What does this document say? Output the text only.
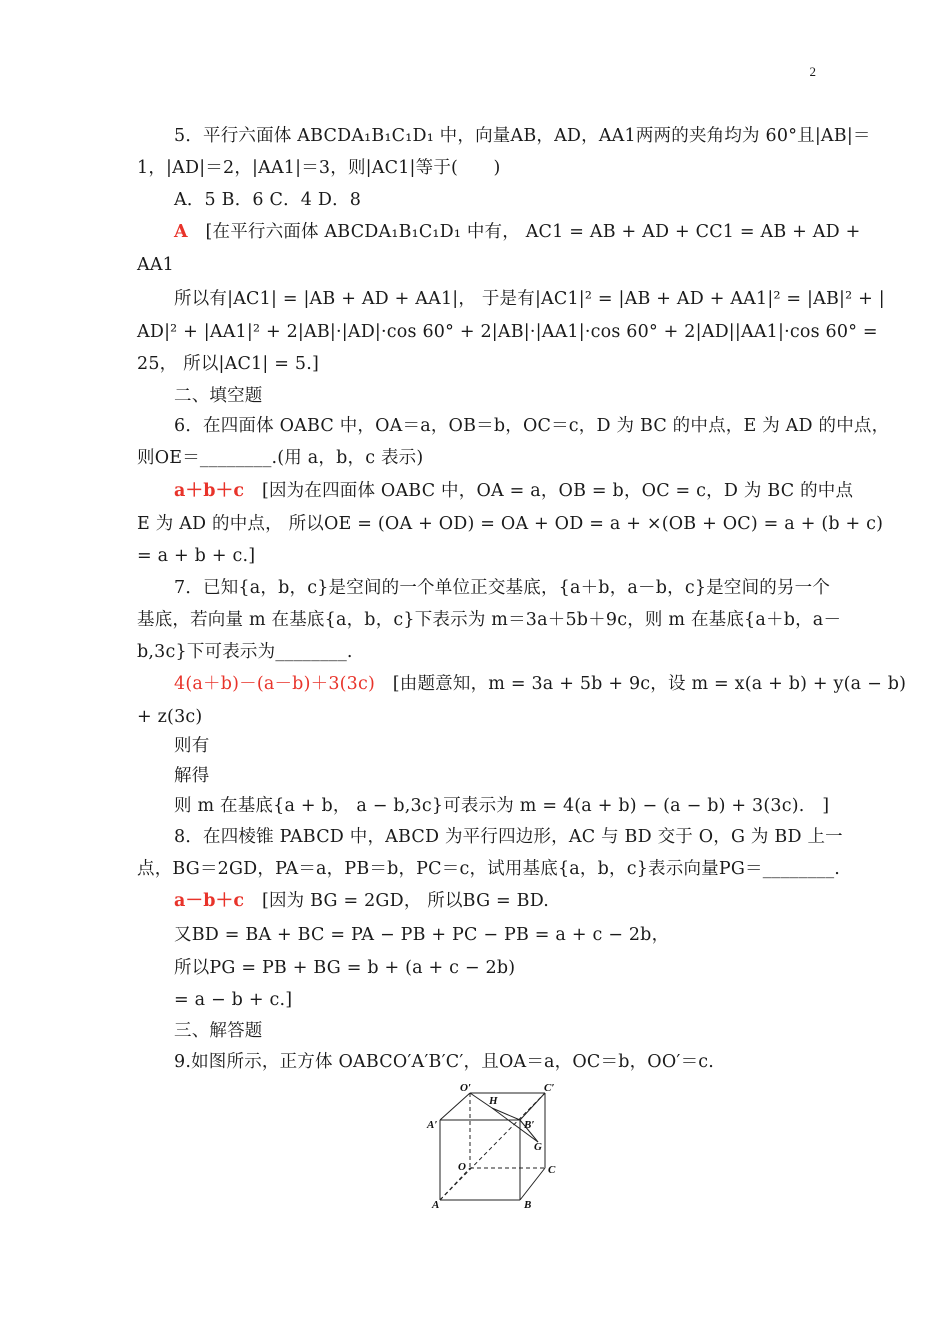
2
5．平行六面体 ABCDA₁B₁C₁D₁ 中，向量AB，AD，AA1两两的夹角均为 60°且|AB|＝
1，|AD|＝2，|AA1|＝3，则|AC1|等于(　　)
A．5 B．6 C．4 D．8
A　 [在平行六面体 ABCDA₁B₁C₁D₁ 中有， AC1 = AB + AD + CC1 = AB + AD +
AA1
所以有|AC1| = |AB + AD + AA1|， 于是有|AC1|² = |AB + AD + AA1|² = |AB|² + |
AD|² + |AA1|² + 2|AB|·|AD|·cos 60° + 2|AB|·|AA1|·cos 60° + 2|AD||AA1|·cos 60° =
25， 所以|AC1| = 5.]
二、填空题
6．在四面体 OABC 中，OA＝a，OB＝b，OC＝c，D 为 BC 的中点，E 为 AD 的中点，
则OE＝________.(用 a，b，c 表示)
a＋b＋c　 [因为在四面体 OABC 中，OA = a，OB = b，OC = c，D 为 BC 的中点
E 为 AD 的中点， 所以OE = (OA + OD) = OA + OD = a + ×(OB + OC) = a + (b + c)
= a + b + c.]
7．已知{a，b，c}是空间的一个单位正交基底，{a＋b，a－b，c}是空间的另一个
基底，若向量 m 在基底{a，b，c}下表示为 m＝3a＋5b＋9c，则 m 在基底{a＋b，a－
b,3c}下可表示为________.
4(a＋b)－(a－b)＋3(3c)　 [由题意知，m = 3a + 5b + 9c，设 m = x(a + b) + y(a − b)
+ z(3c)
则有
解得
则 m 在基底{a + b， a − b,3c}可表示为 m = 4(a + b) − (a − b) + 3(3c).　]
8．在四棱锥 PABCD 中，ABCD 为平行四边形，AC 与 BD 交于 O，G 为 BD 上一
点，BG＝2GD，PA＝a，PB＝b，PC＝c，试用基底{a，b，c}表示向量PG＝________.
a－b＋c　 [因为 BG = 2GD， 所以BG = BD.
又BD = BA + BC = PA − PB + PC − PB = a + c − 2b，
所以PG = PB + BG = b + (a + c − 2b)
= a − b + c.]
三、解答题
9.如图所示，正方体 OABCO′A′B′C′，且OA＝a，OC＝b，OO′＝c.
O′	C′
H
A′	B′
G
O	C
A	B
